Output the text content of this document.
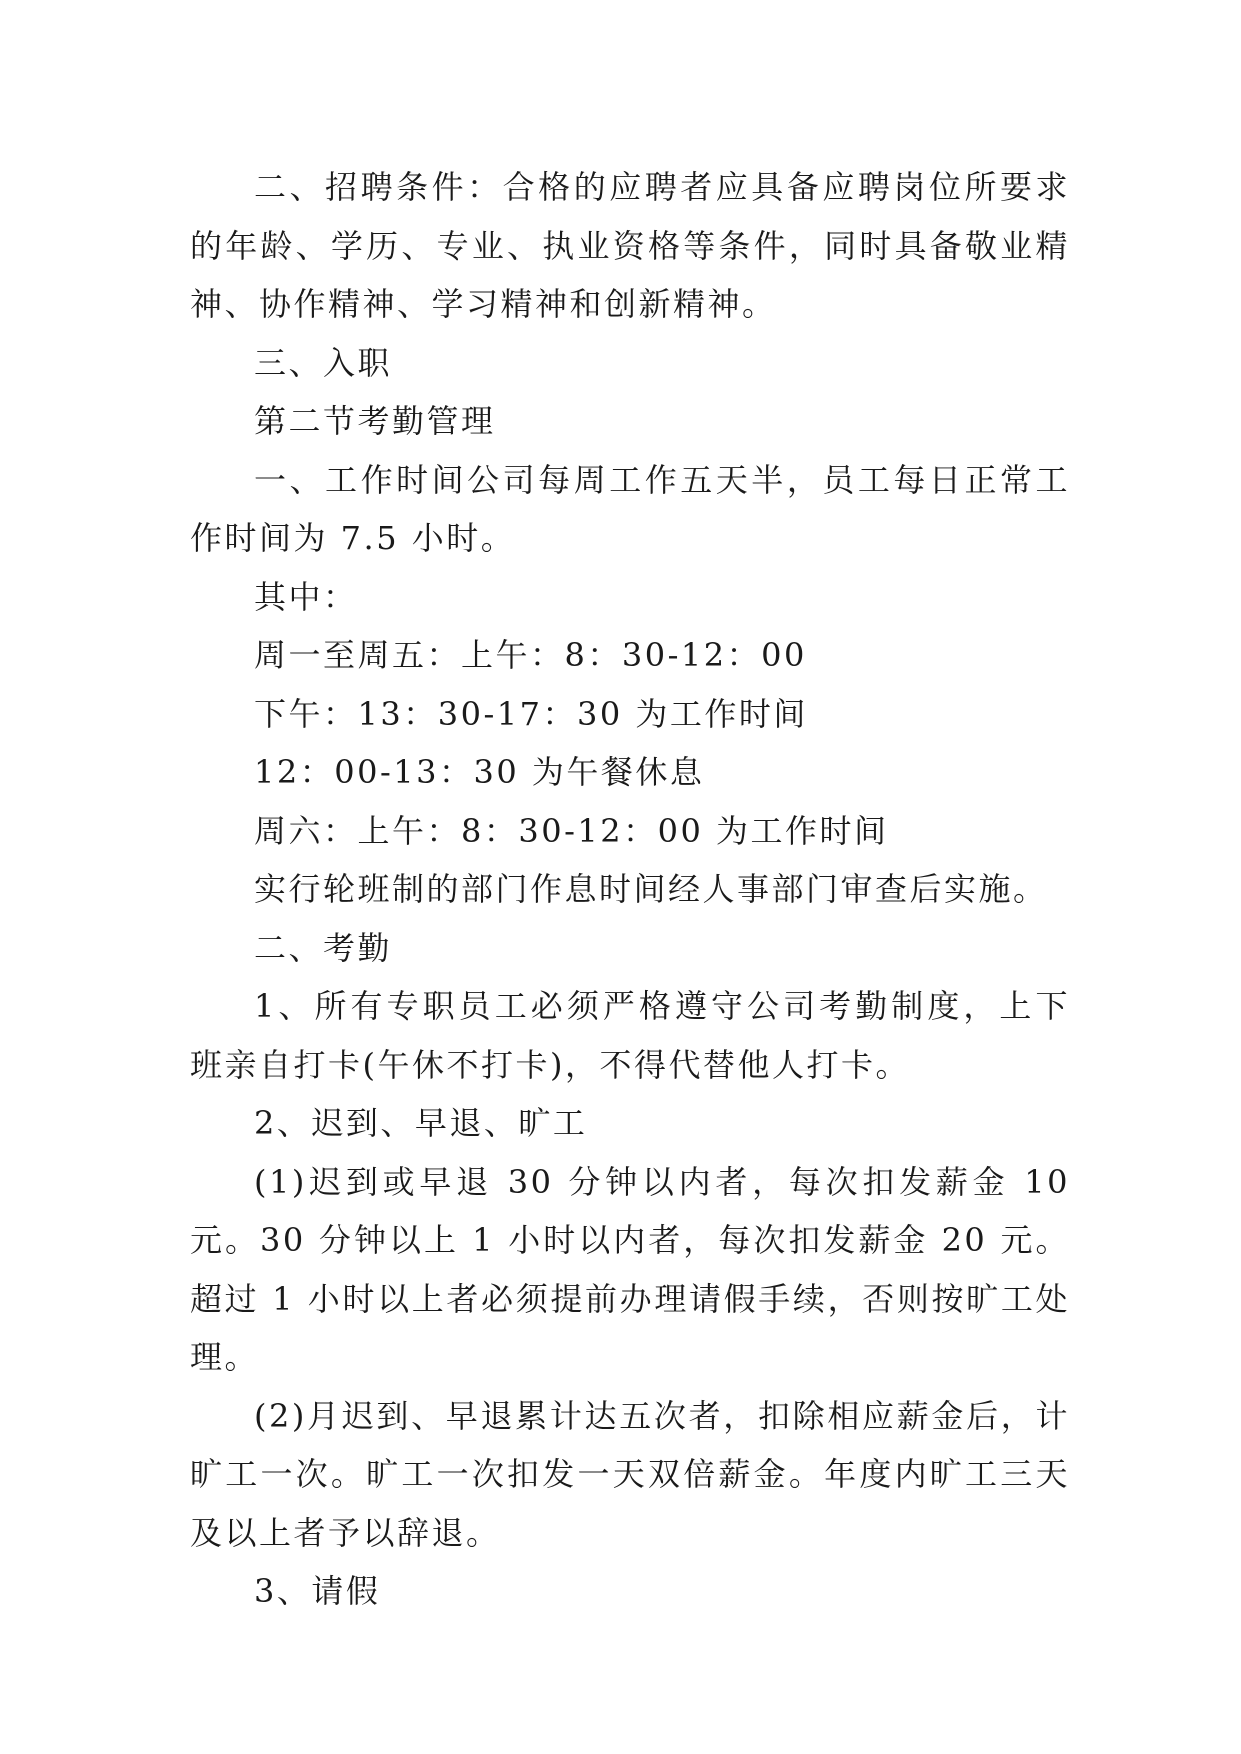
二、招聘条件：合格的应聘者应具备应聘岗位所要求的年龄、学历、专业、执业资格等条件，同时具备敬业精神、协作精神、学习精神和创新精神。

三、入职

第二节考勤管理

一、工作时间公司每周工作五天半，员工每日正常工作时间为 7.5 小时。

其中：

周一至周五：上午：8：30-12：00

下午：13：30-17：30 为工作时间

12：00-13：30 为午餐休息

周六：上午：8：30-12：00 为工作时间

实行轮班制的部门作息时间经人事部门审查后实施。

二、考勤

1、所有专职员工必须严格遵守公司考勤制度，上下班亲自打卡(午休不打卡)，不得代替他人打卡。

2、迟到、早退、旷工

(1)迟到或早退 30 分钟以内者，每次扣发薪金 10 元。30 分钟以上 1 小时以内者，每次扣发薪金 20 元。超过 1 小时以上者必须提前办理请假手续，否则按旷工处理。

(2)月迟到、早退累计达五次者，扣除相应薪金后，计旷工一次。旷工一次扣发一天双倍薪金。年度内旷工三天及以上者予以辞退。

3、请假
